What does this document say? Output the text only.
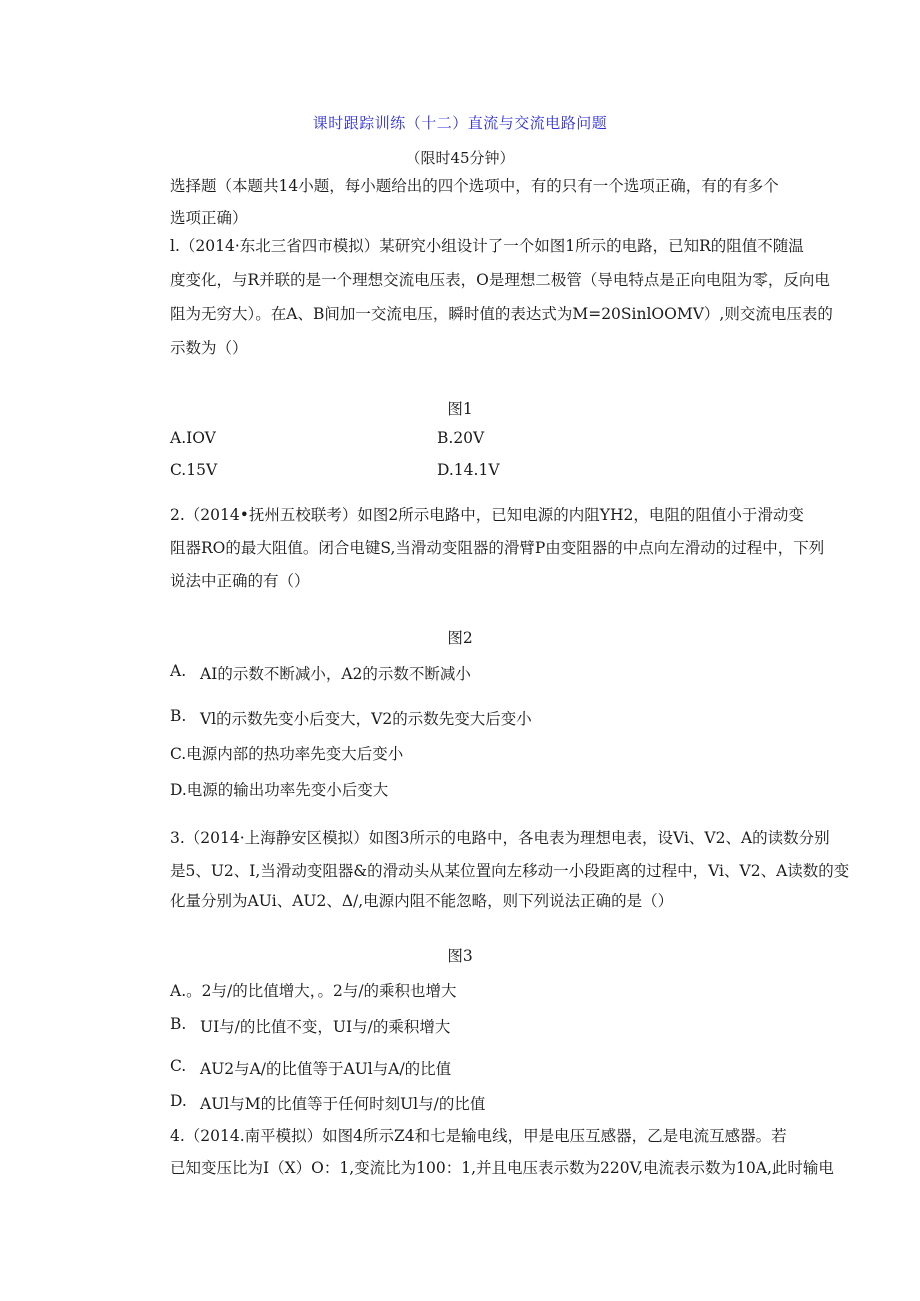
课时跟踪训练（十二）直流与交流电路问题
（限时45分钟）
选择题（本题共14小题，每小题给出的四个选项中，有的只有一个选项正确，有的有多个选项正确）
l.（2014·东北三省四市模拟）某研究小组设计了一个如图1所示的电路，已知R的阻值不随温
度变化，与R并联的是一个理想交流电压表，O是理想二极管（导电特点是正向电阻为零，反向电
阻为无穷大）。在A、B间加一交流电压，瞬时值的表达式为M=20SinlOOMV）,则交流电压表的
示数为（）
图1
A.IOV	B.20V
C.15V	D.14.1V
2.（2014•抚州五校联考）如图2所示电路中，已知电源的内阻YH2，电阻的阻值小于滑动变
阻器RO的最大阻值。闭合电键S,当滑动变阻器的滑臂P由变阻器的中点向左滑动的过程中，下列
说法中正确的有（）
图2
A. AI的示数不断减小，A2的示数不断减小
B. Vl的示数先变小后变大，V2的示数先变大后变小
C.电源内部的热功率先变大后变小
D.电源的输出功率先变小后变大
3.（2014·上海静安区模拟）如图3所示的电路中，各电表为理想电表，设Vi、V2、A的读数分别
是5、U2、I,当滑动变阻器&的滑动头从某位置向左移动一小段距离的过程中，Vi、V2、A读数的变
化量分别为AUi、AU2、Δ/,电源内阻不能忽略，则下列说法正确的是（）
图3
A.。2与/的比值增大，。2与/的乘积也增大
B. UI与/的比值不变，UI与/的乘积增大
C. AU2与A/的比值等于AUl与A/的比值
D. AUl与M的比值等于任何时刻Ul与/的比值
4.（2014.南平模拟）如图4所示Z4和七是输电线，甲是电压互感器，乙是电流互感器。若
已知变压比为I（X）O：1,变流比为100：1,并且电压表示数为220V,电流表示数为10A,此时输电
